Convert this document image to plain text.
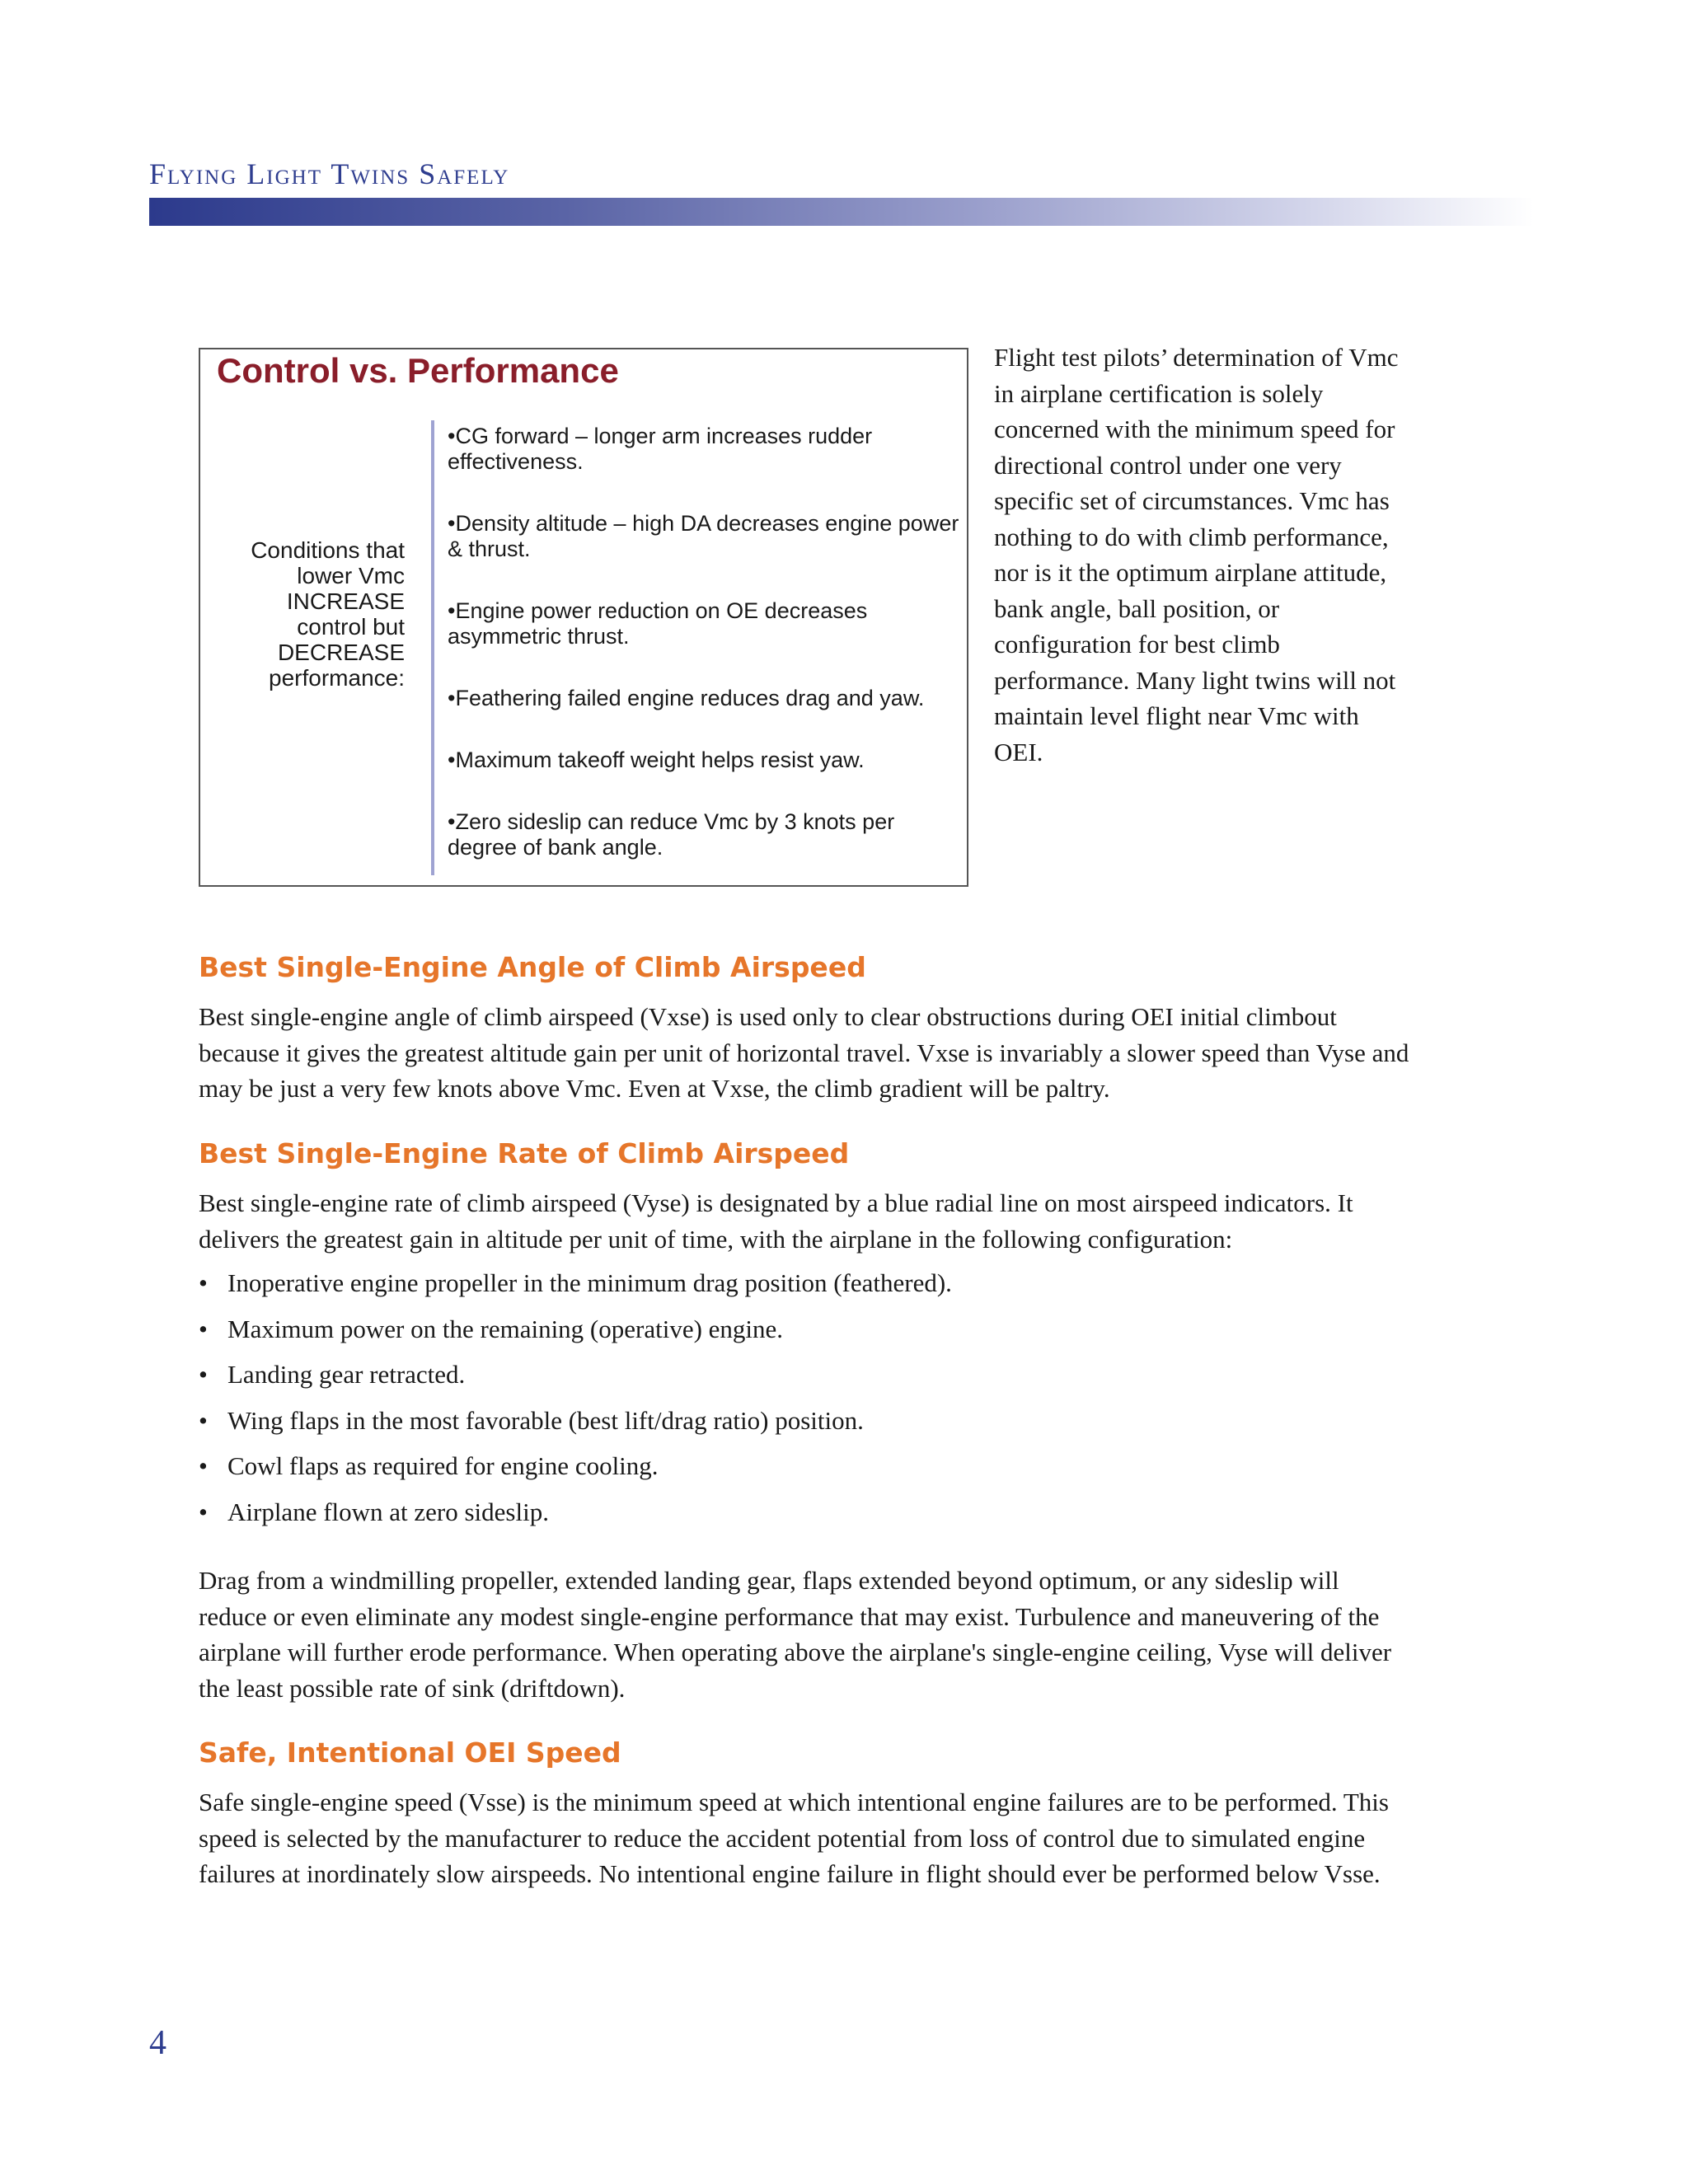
Flying Light Twins Safely
Control vs. Performance
Conditions that lower Vmc INCREASE control but DECREASE performance:
•CG forward – longer arm increases rudder effectiveness.
•Density altitude – high DA decreases engine power & thrust.
•Engine power reduction on OE decreases asymmetric thrust.
•Feathering failed engine reduces drag and yaw.
•Maximum takeoff weight helps resist yaw.
•Zero sideslip can reduce Vmc by 3 knots per degree of bank angle.
Flight test pilots’ determination of Vmc in airplane certification is solely concerned with the minimum speed for directional control under one very specific set of circumstances. Vmc has nothing to do with climb performance, nor is it the optimum airplane attitude, bank angle, ball position, or configuration for best climb performance. Many light twins will not maintain level flight near Vmc with OEI.
Best Single-Engine Angle of Climb Airspeed

Best single-engine angle of climb airspeed (Vxse) is used only to clear obstructions during OEI initial climbout because it gives the greatest altitude gain per unit of horizontal travel. Vxse is invariably a slower speed than Vyse and may be just a very few knots above Vmc. Even at Vxse, the climb gradient will be paltry.

Best Single-Engine Rate of Climb Airspeed

Best single-engine rate of climb airspeed (Vyse) is designated by a blue radial line on most airspeed indicators. It delivers the greatest gain in altitude per unit of time, with the airplane in the following configuration:

• Inoperative engine propeller in the minimum drag position (feathered).
• Maximum power on the remaining (operative) engine.
• Landing gear retracted.
• Wing flaps in the most favorable (best lift/drag ratio) position.
• Cowl flaps as required for engine cooling.
• Airplane flown at zero sideslip.

Drag from a windmilling propeller, extended landing gear, flaps extended beyond optimum, or any sideslip will reduce or even eliminate any modest single-engine performance that may exist. Turbulence and maneuvering of the airplane will further erode performance. When operating above the airplane's single-engine ceiling, Vyse will deliver the least possible rate of sink (driftdown).

Safe, Intentional OEI Speed

Safe single-engine speed (Vsse) is the minimum speed at which intentional engine failures are to be performed. This speed is selected by the manufacturer to reduce the accident potential from loss of control due to simulated engine failures at inordinately slow airspeeds. No intentional engine failure in flight should ever be performed below Vsse.

4
